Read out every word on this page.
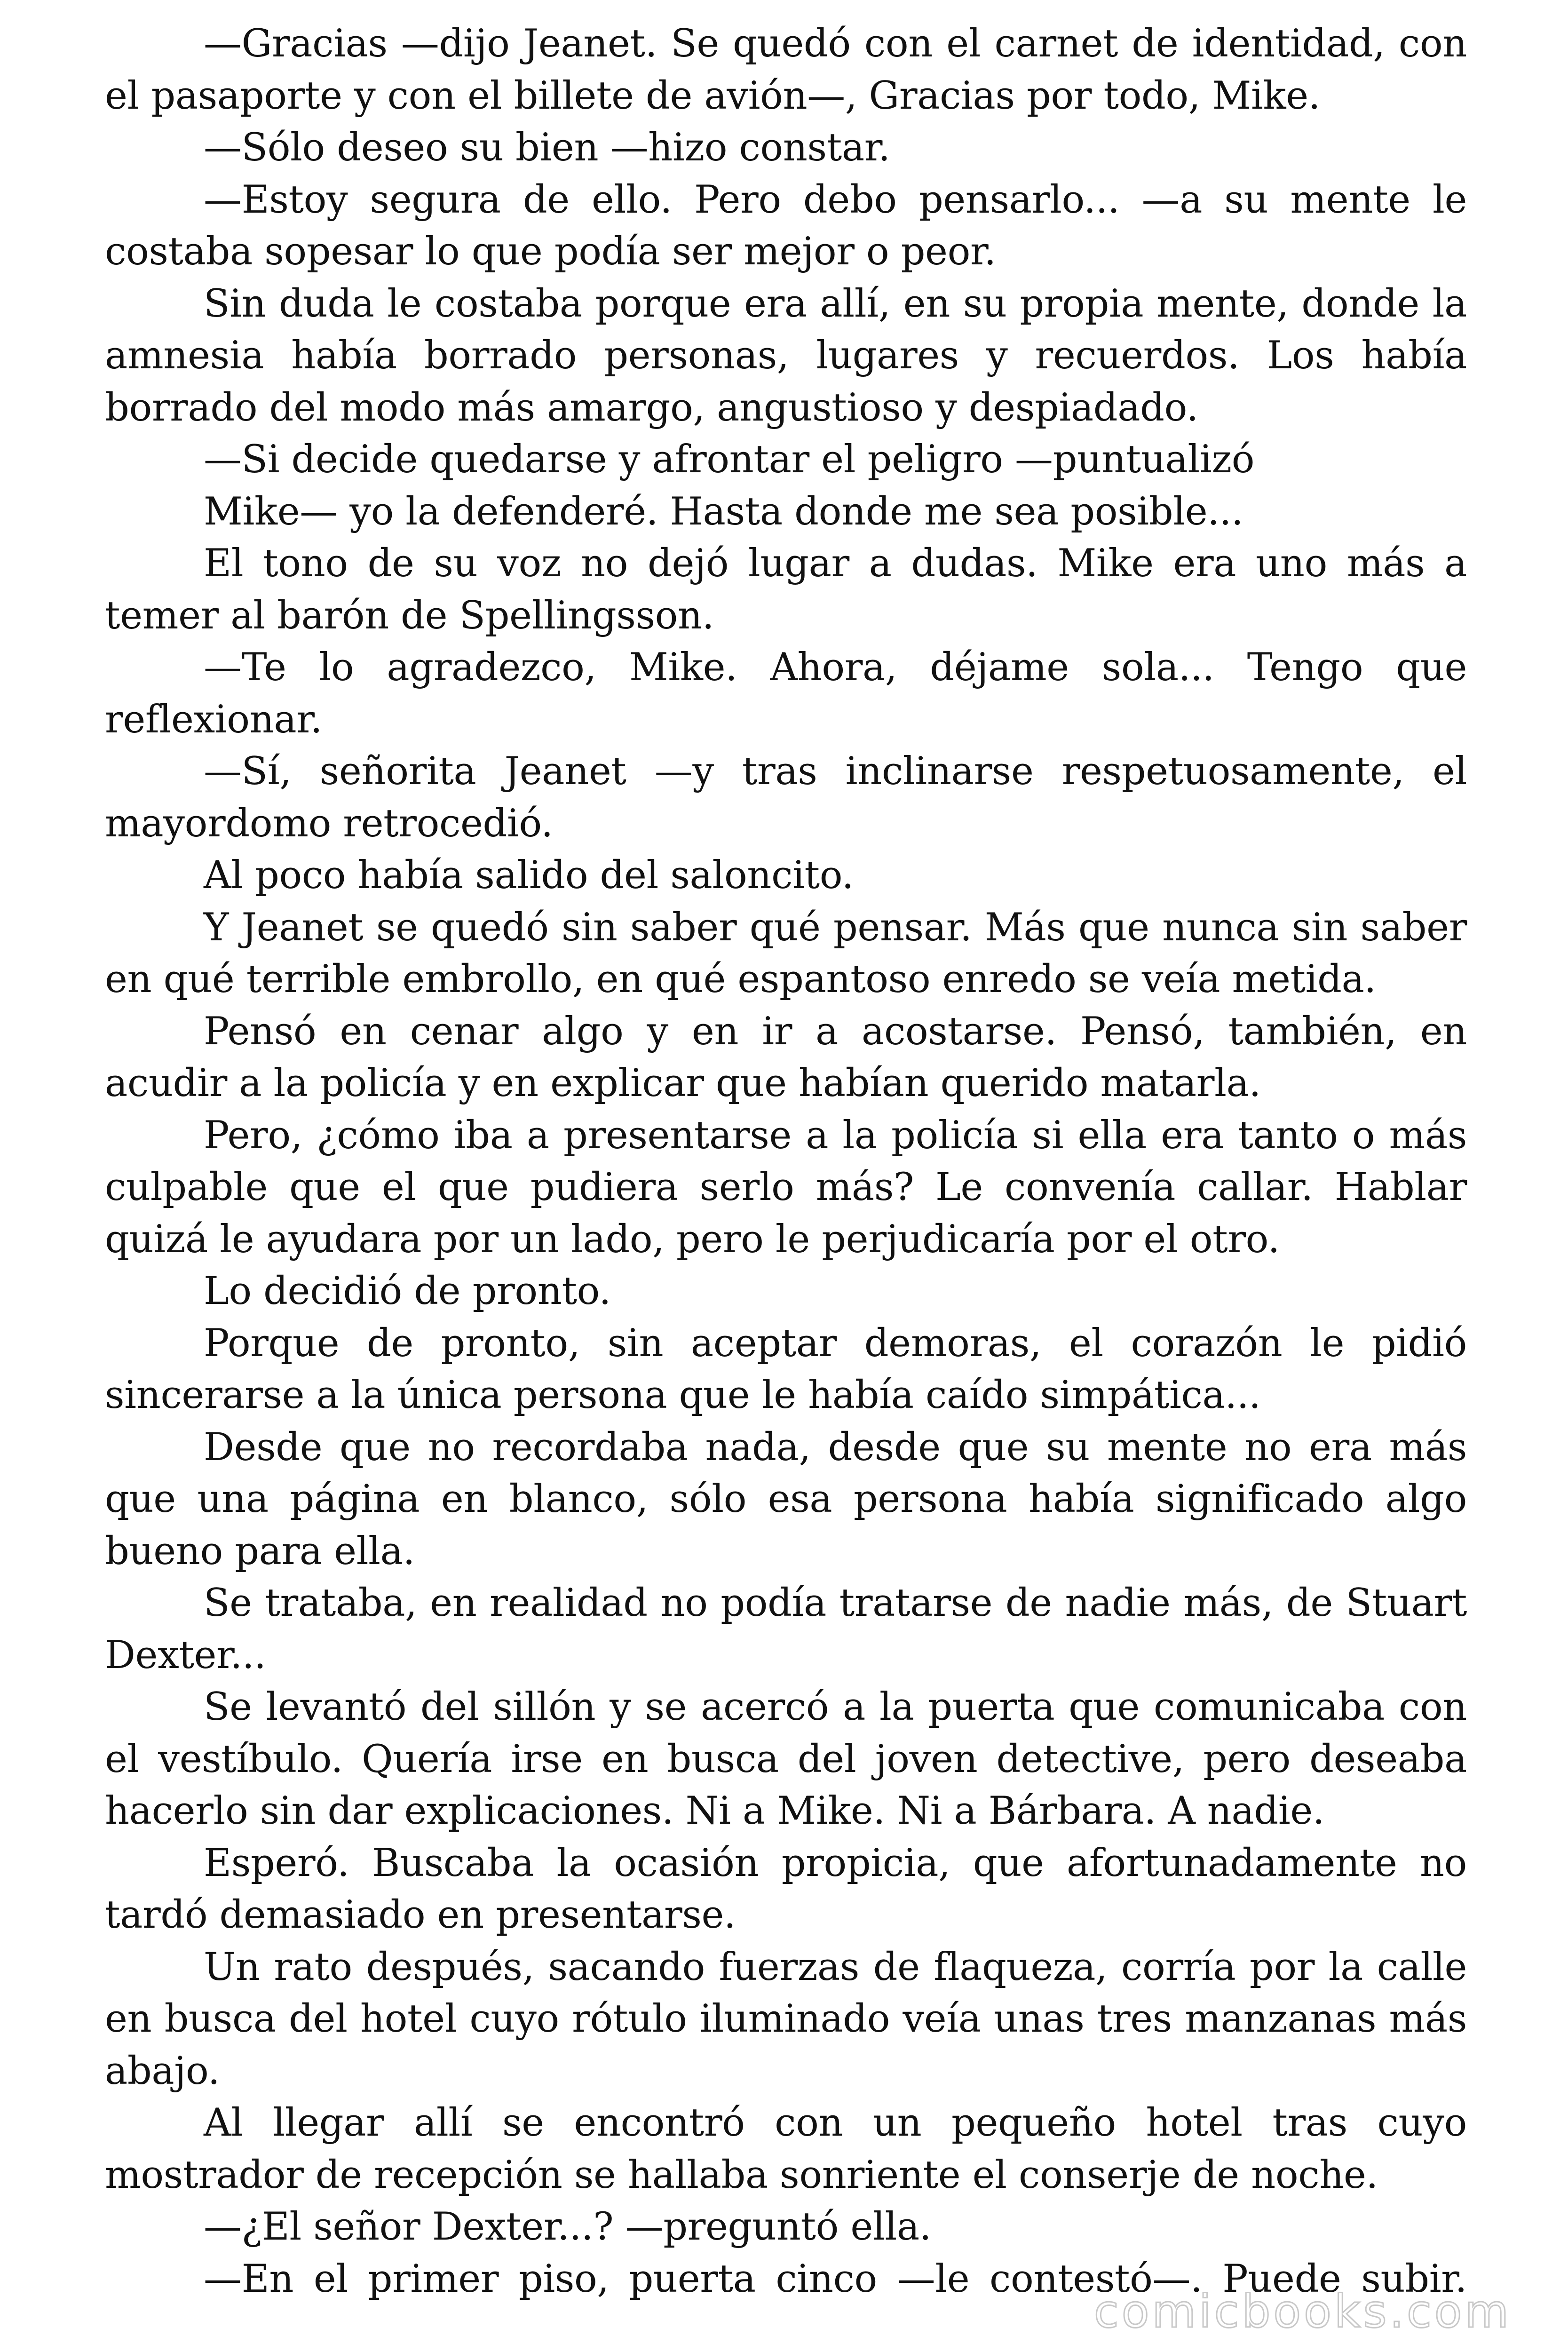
—Gracias —dijo Jeanet. Se quedó con el carnet de identidad, con el pasaporte y con el billete de avión—, Gracias por todo, Mike.

—Sólo deseo su bien —hizo constar.

—Estoy segura de ello. Pero debo pensarlo... —a su mente le costaba sopesar lo que podía ser mejor o peor.

Sin duda le costaba porque era allí, en su propia mente, donde la amnesia había borrado personas, lugares y recuerdos. Los había borrado del modo más amargo, angustioso y despiadado.

—Si decide quedarse y afrontar el peligro —puntualizó

Mike— yo la defenderé. Hasta donde me sea posible...

El tono de su voz no dejó lugar a dudas. Mike era uno más a temer al barón de Spellingsson.

—Te lo agradezco, Mike. Ahora, déjame sola... Tengo que reflexionar.

—Sí, señorita Jeanet —y tras inclinarse respetuosamente, el mayordomo retrocedió.

Al poco había salido del saloncito.

Y Jeanet se quedó sin saber qué pensar. Más que nunca sin saber en qué terrible embrollo, en qué espantoso enredo se veía metida.

Pensó en cenar algo y en ir a acostarse. Pensó, también, en acudir a la policía y en explicar que habían querido matarla.

Pero, ¿cómo iba a presentarse a la policía si ella era tanto o más culpable que el que pudiera serlo más? Le convenía callar. Hablar quizá le ayudara por un lado, pero le perjudicaría por el otro.

Lo decidió de pronto.

Porque de pronto, sin aceptar demoras, el corazón le pidió sincerarse a la única persona que le había caído simpática...

Desde que no recordaba nada, desde que su mente no era más que una página en blanco, sólo esa persona había significado algo bueno para ella.

Se trataba, en realidad no podía tratarse de nadie más, de Stuart Dexter...

Se levantó del sillón y se acercó a la puerta que comunicaba con el vestíbulo. Quería irse en busca del joven detective, pero deseaba hacerlo sin dar explicaciones. Ni a Mike. Ni a Bárbara. A nadie.

Esperó. Buscaba la ocasión propicia, que afortunadamente no tardó demasiado en presentarse.

Un rato después, sacando fuerzas de flaqueza, corría por la calle en busca del hotel cuyo rótulo iluminado veía unas tres manzanas más abajo.

Al llegar allí se encontró con un pequeño hotel tras cuyo mostrador de recepción se hallaba sonriente el conserje de noche.

—¿El señor Dexter...? —preguntó ella.

—En el primer piso, puerta cinco —le contestó—. Puede subir.

comicbooks.com
